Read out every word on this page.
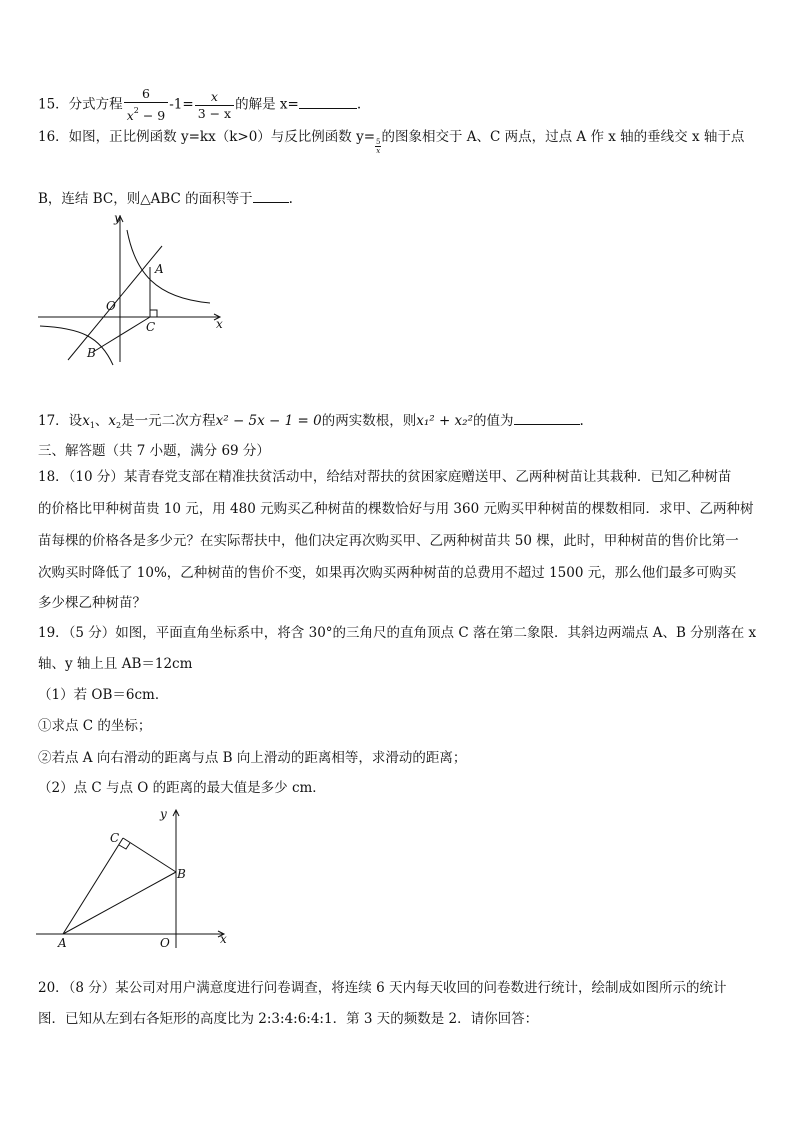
15．分式方程 $\frac{6}{x^2 - 9} -1= \frac{x}{3 - x}$ 的解是 x=	.
16．如图，正比例函数 y=kx（k>0）与反比例函数 y=
$\frac{5}{x}$
的图象相交于 A、C 两点，过点 A 作 x 轴的垂线交 x 轴于点
B，连结 BC，则△ABC 的面积等于	.
y
x
O
A
B
C
17．设$x_1$、$x_2$是一元二次方程x² − 5x − 1 = 0的两实数根，则x₁² + x₂²的值为	.
三、解答题（共 7 小题，满分 69 分）
18．（10 分）某青春党支部在精准扶贫活动中，给结对帮扶的贫困家庭赠送甲、乙两种树苗让其栽种．已知乙种树苗
的价格比甲种树苗贵 10 元，用 480 元购买乙种树苗的棵数恰好与用 360 元购买甲种树苗的棵数相同．求甲、乙两种树
苗每棵的价格各是多少元？在实际帮扶中，他们决定再次购买甲、乙两种树苗共 50 棵，此时，甲种树苗的售价比第一
次购买时降低了 10%，乙种树苗的售价不变，如果再次购买两种树苗的总费用不超过 1500 元，那么他们最多可购买
多少棵乙种树苗？
19．（5 分）如图，平面直角坐标系中，将含 30°的三角尺的直角顶点 C 落在第二象限．其斜边两端点 A、B 分别落在 x
轴、y 轴上且 AB＝12cm
（1）若 OB＝6cm．
①求点 C 的坐标；
②若点 A 向右滑动的距离与点 B 向上滑动的距离相等，求滑动的距离；
（2）点 C 与点 O 的距离的最大值是多少 cm．
y
x
O
A
B
C
20．（8 分）某公司对用户满意度进行问卷调查，将连续 6 天内每天收回的问卷数进行统计，绘制成如图所示的统计
图．已知从左到右各矩形的高度比为 2:3:4:6:4:1．第 3 天的频数是 2．请你回答：
